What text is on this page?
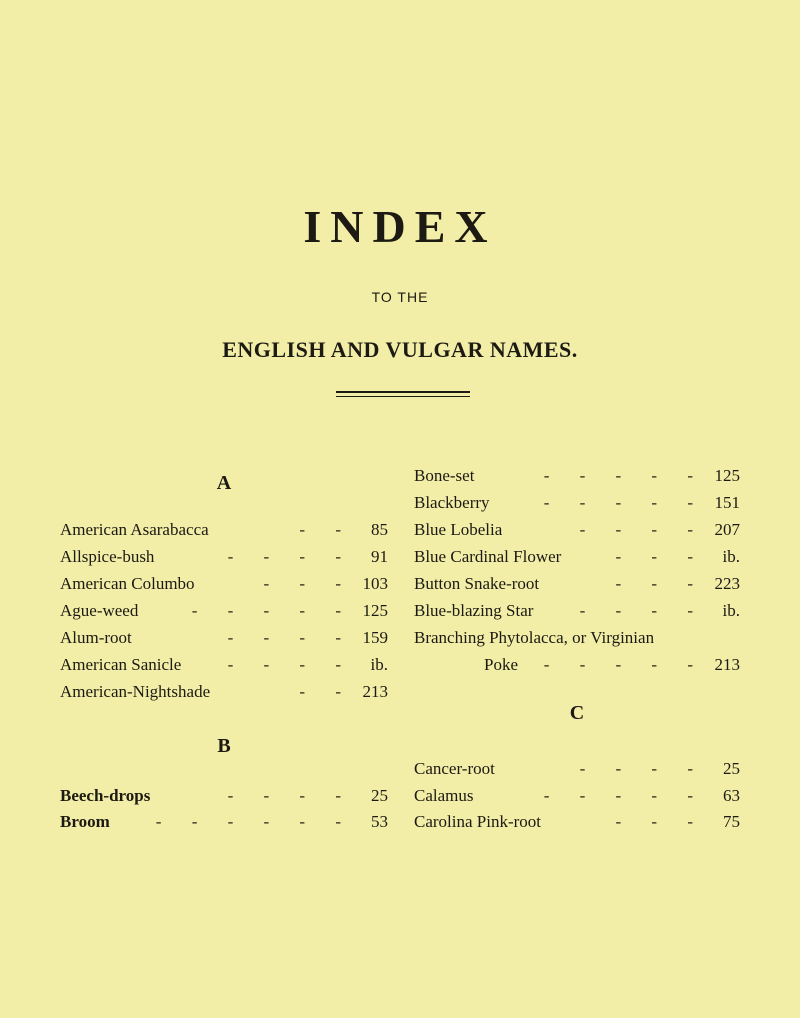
INDEX
TO THE
ENGLISH AND VULGAR NAMES.
A
American Asarabacca	- -	85
Allspice-bush	- - - -	91
American Columbo	- - - 103
Ague-weed	- - - - - 125
Alum-root	- - - - 159
American Sanicle	- - - - ib.
American-Nightshade	- - 213
B
Beech-drops	- - - -	25
Broom	- - - - - -	53
Bone-set	- - - - - 125
Blackberry	- - - - - 151
Blue Lobelia	- - - - 207
Blue Cardinal Flower	- - - ib.
Button Snake-root	- - - 223
Blue-blazing Star	- - - - ib.
Branching Phytolacca, or Virginian
Poke	- - - - - 213
C
Cancer-root	- - - -	25
Calamus	- - - - -	63
Carolina Pink-root	- - -	75
